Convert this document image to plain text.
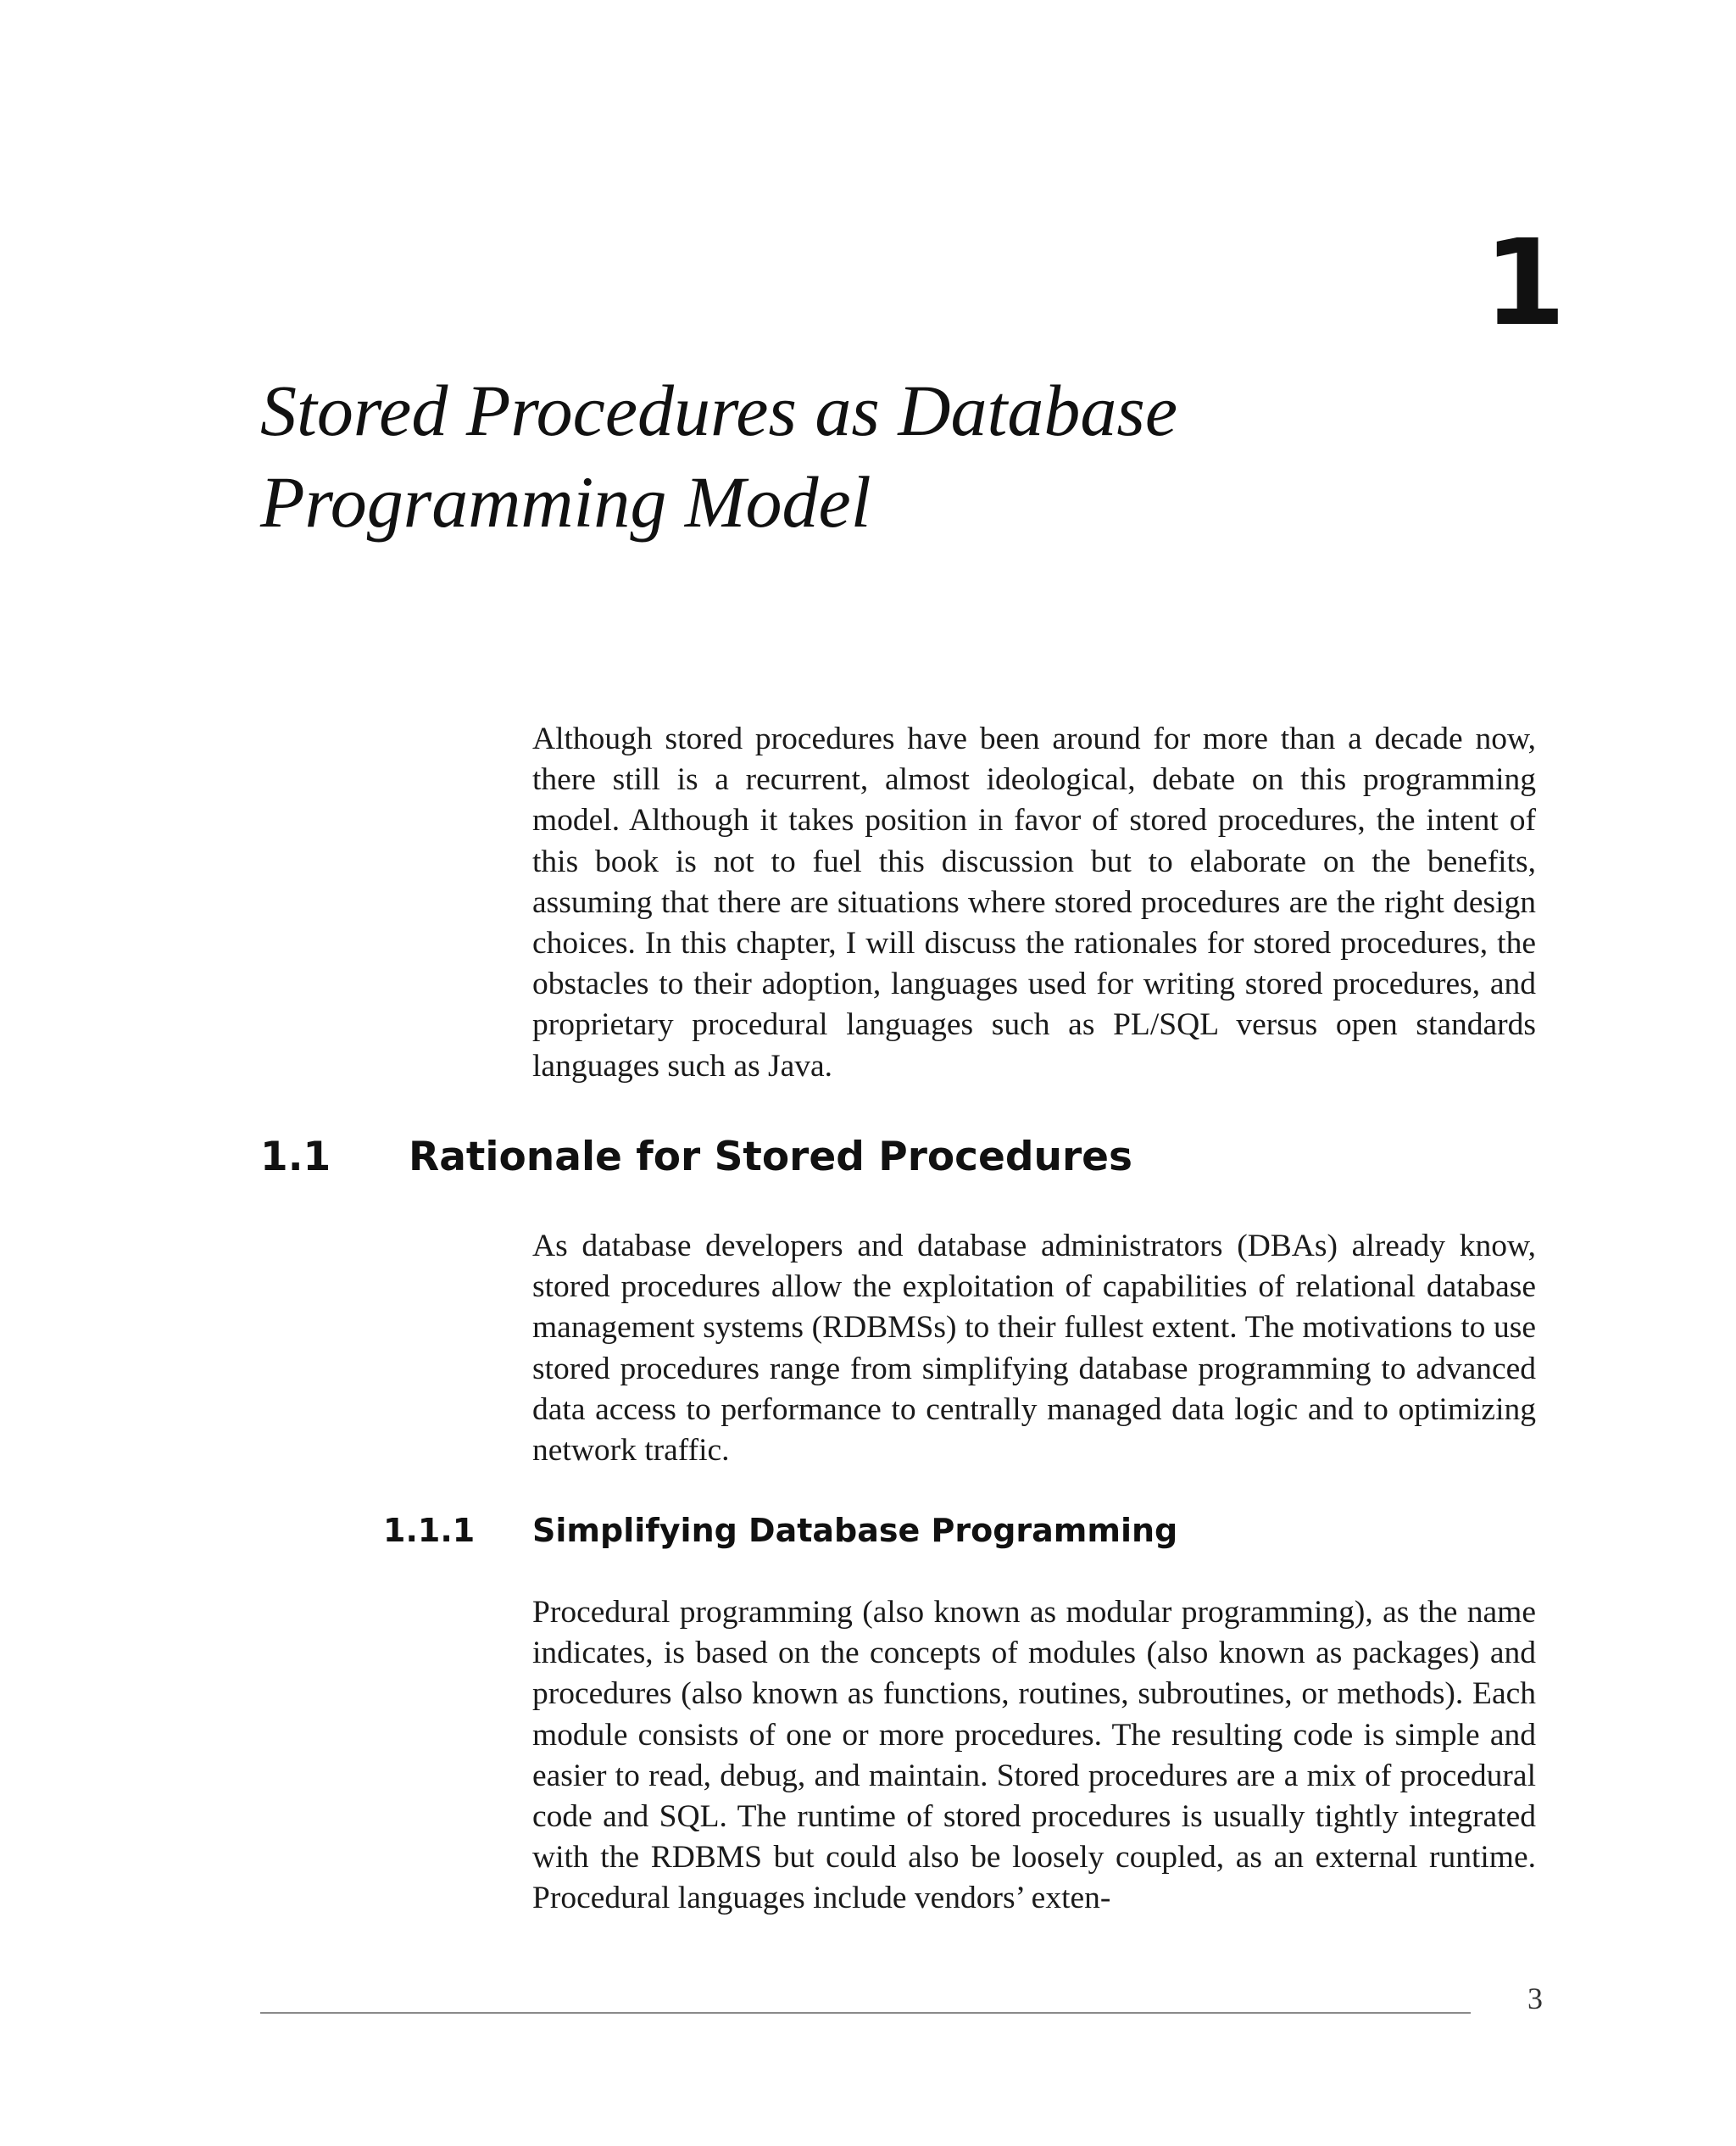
1
Stored Procedures as Database
Programming Model

Although stored procedures have been around for more than a decade now, there still is a recurrent, almost ideological, debate on this programming model. Although it takes position in favor of stored procedures, the intent of this book is not to fuel this discussion but to elaborate on the benefits, assuming that there are situations where stored procedures are the right design choices. In this chapter, I will discuss the rationales for stored procedures, the obstacles to their adoption, languages used for writing stored procedures, and proprietary procedural languages such as PL/SQL versus open standards languages such as Java.

1.1 Rationale for Stored Procedures

As database developers and database administrators (DBAs) already know, stored procedures allow the exploitation of capabilities of relational database management systems (RDBMSs) to their fullest extent. The motivations to use stored procedures range from simplifying database programming to advanced data access to performance to centrally managed data logic and to optimizing network traffic.

1.1.1 Simplifying Database Programming

Procedural programming (also known as modular programming), as the name indicates, is based on the concepts of modules (also known as packages) and procedures (also known as functions, routines, subroutines, or methods). Each module consists of one or more procedures. The resulting code is simple and easier to read, debug, and maintain. Stored procedures are a mix of procedural code and SQL. The runtime of stored procedures is usually tightly integrated with the RDBMS but could also be loosely coupled, as an external runtime. Procedural languages include vendors’ exten-

3
